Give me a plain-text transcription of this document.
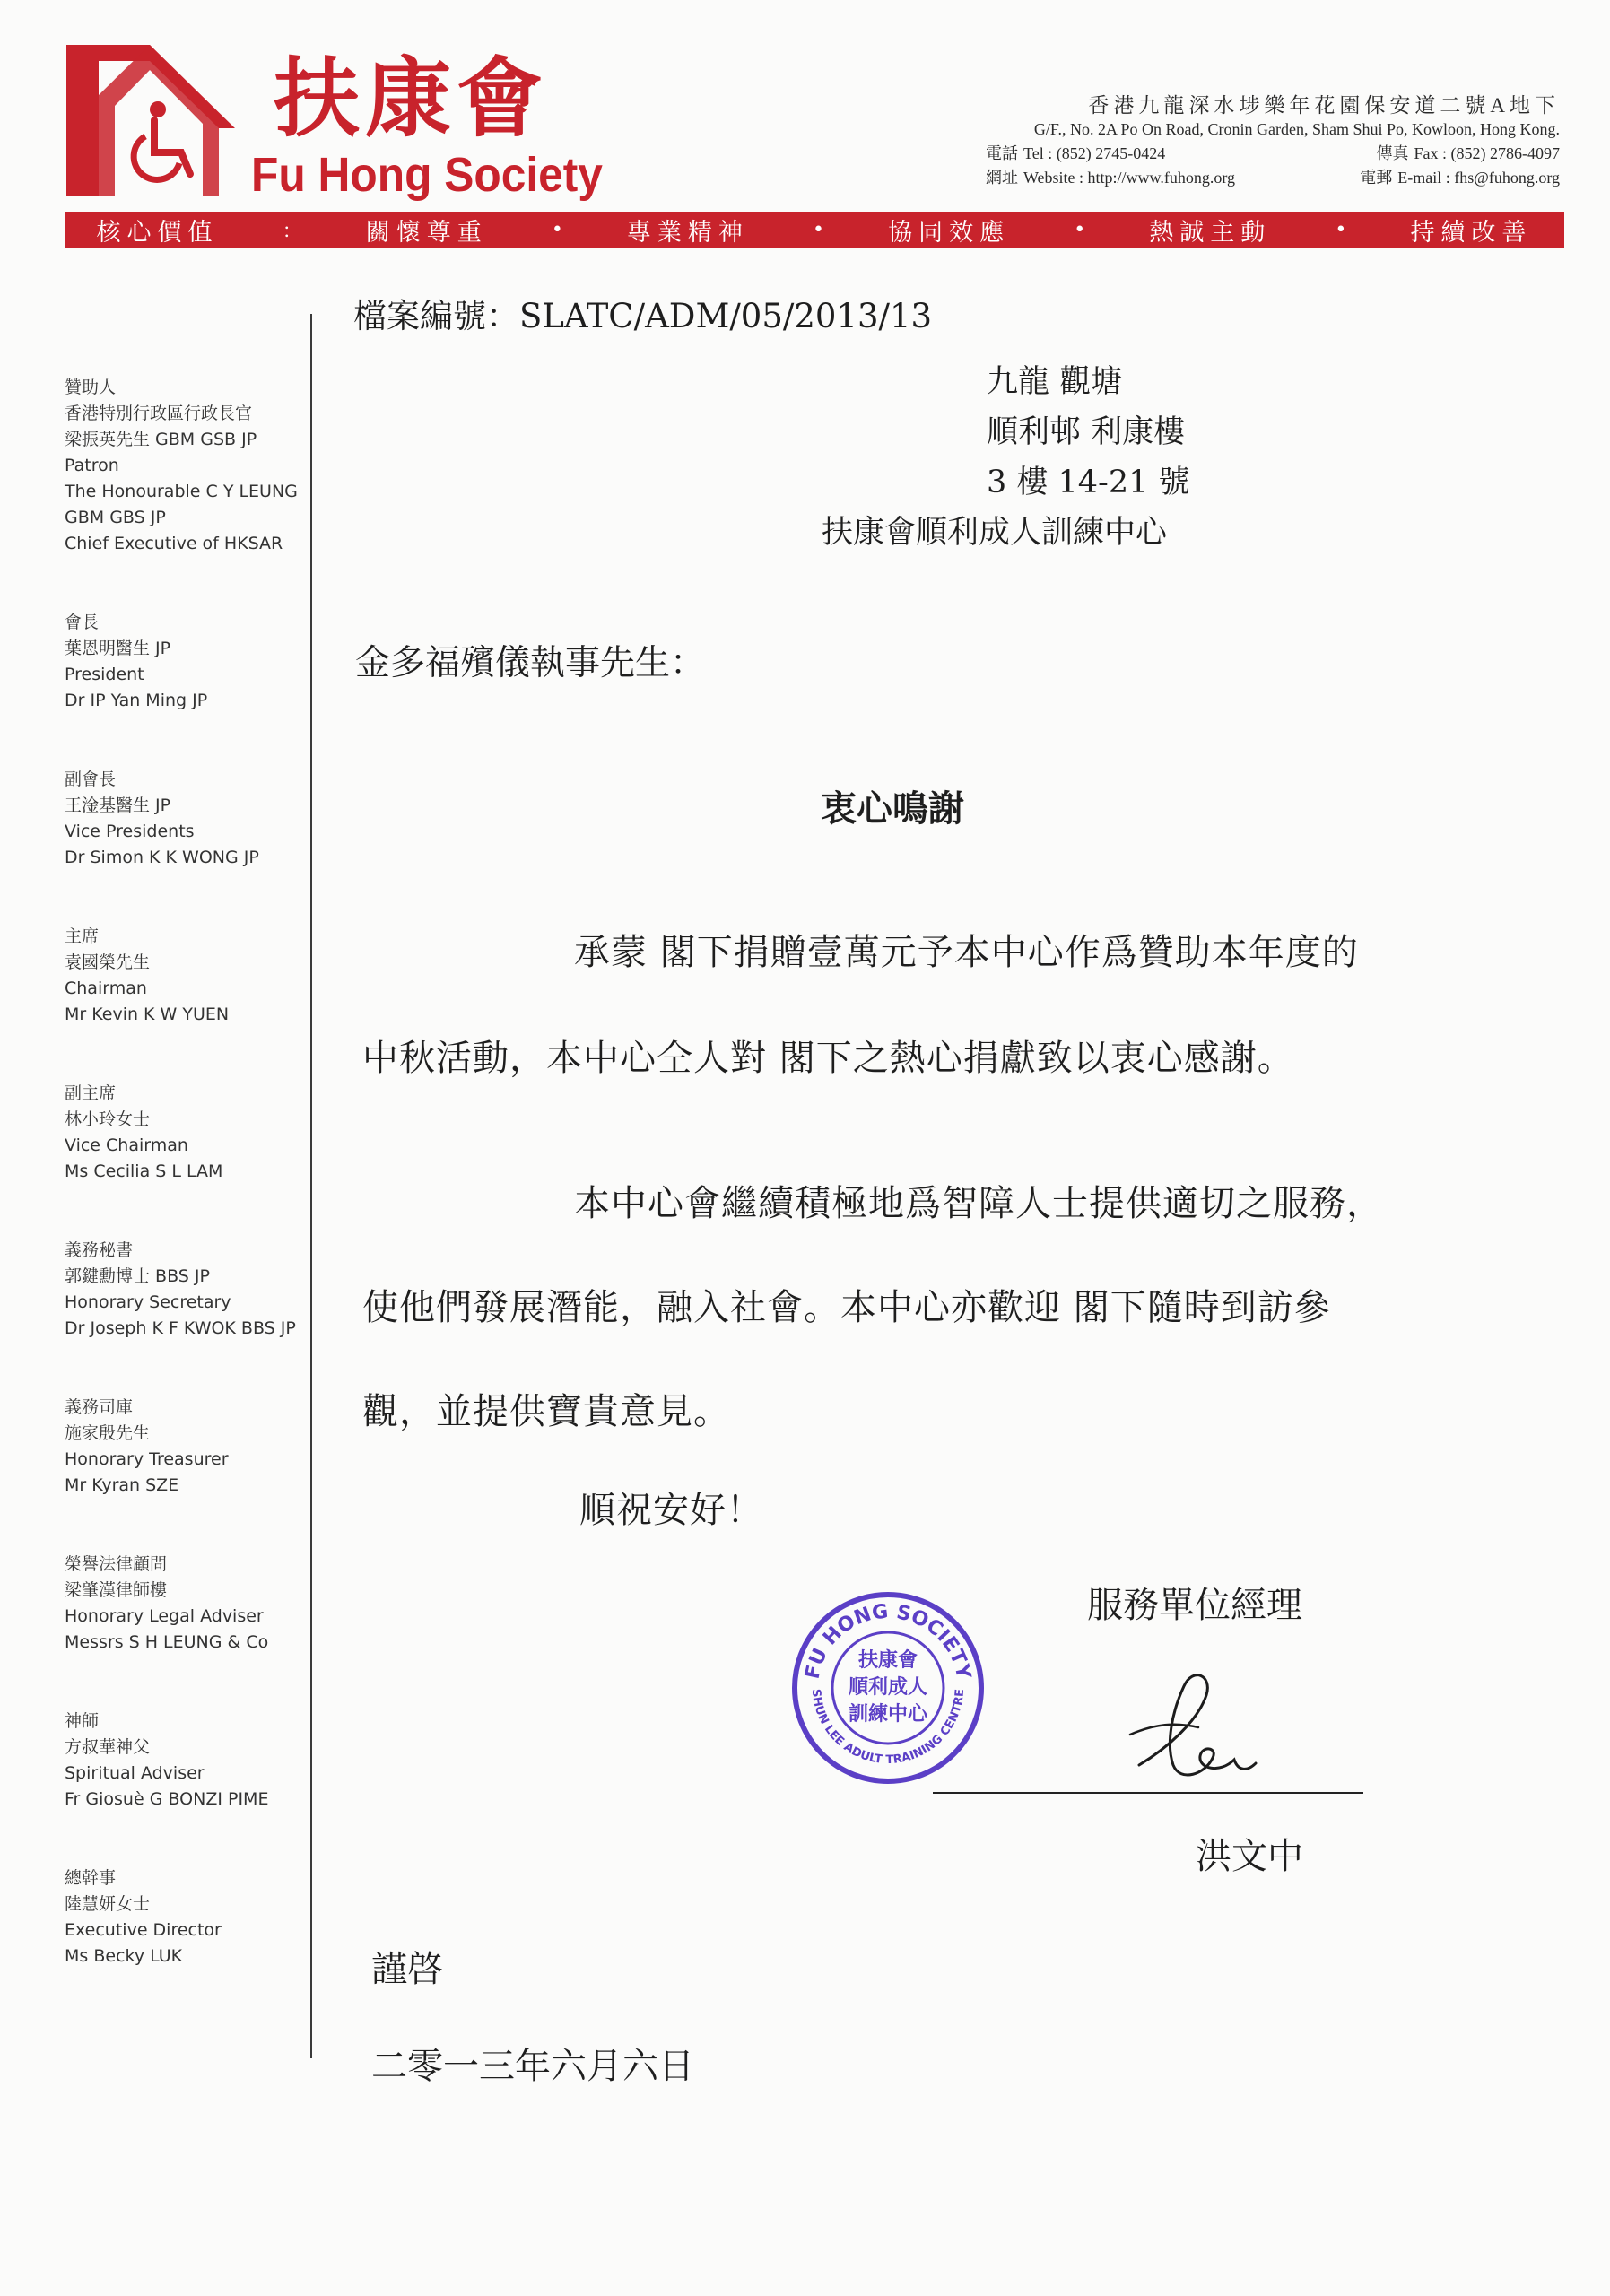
扶康會
Fu Hong Society
香港九龍深水埗樂年花園保安道二號A地下
G/F., No. 2A Po On Road, Cronin Garden, Sham Shui Po, Kowloon, Hong Kong.
電話 Tel : (852) 2745-0424	傳真 Fax : (852) 2786-4097
網址 Website : http://www.fuhong.org	電郵 E-mail : fhs@fuhong.org
核心價值	：	關懷尊重	•	專業精神	•	協同效應	•	熱誠主動	•	持續改善
贊助人
香港特別行政區行政長官
梁振英先生 GBM GSB JP
Patron
The Honourable C Y LEUNG
GBM GBS JP
Chief Executive of HKSAR
會長
葉恩明醫生 JP
President
Dr IP Yan Ming JP
副會長
王淦基醫生 JP
Vice Presidents
Dr Simon K K WONG JP
主席
袁國榮先生
Chairman
Mr Kevin K W YUEN
副主席
林小玲女士
Vice Chairman
Ms Cecilia S L LAM
義務秘書
郭鍵勳博士 BBS JP
Honorary Secretary
Dr Joseph K F KWOK BBS JP
義務司庫
施家殷先生
Honorary Treasurer
Mr Kyran SZE
榮譽法律顧問
梁肇漢律師樓
Honorary Legal Adviser
Messrs S H LEUNG & Co
神師
方叔華神父
Spiritual Adviser
Fr Giosuè G BONZI PIME
總幹事
陸慧妍女士
Executive Director
Ms Becky LUK
檔案編號：SLATC/ADM/05/2013/13
九龍 觀塘
順利邨 利康樓
3 樓 14-21 號
扶康會順利成人訓練中心
金多福殯儀執事先生：
衷心鳴謝
承蒙 閣下捐贈壹萬元予本中心作爲贊助本年度的
中秋活動，本中心仝人對 閣下之熱心捐獻致以衷心感謝。
本中心會繼續積極地爲智障人士提供適切之服務，
使他們發展潛能，融入社會。本中心亦歡迎 閣下隨時到訪參
觀，並提供寶貴意見。
順祝安好！
FU HONG SOCIETY
SHUN LEE ADULT TRAINING CENTRE
扶康會
順利成人
訓練中心
服務單位經理
洪文中
謹啓
二零一三年六月六日
